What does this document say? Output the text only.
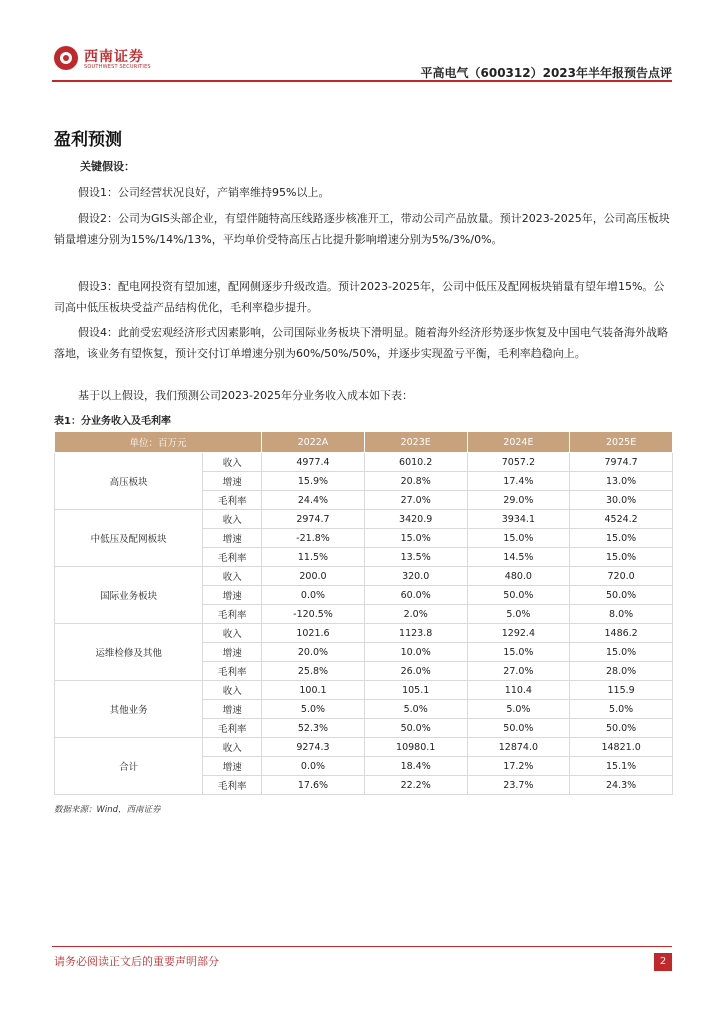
西南证券
SOUTHWEST SECURITIES	平高电气（600312）2023年半年报预告点评
盈利预测
关键假设：
假设1：公司经营状况良好，产销率维持95%以上。
假设2：公司为GIS头部企业，有望伴随特高压线路逐步核准开工，带动公司产品放量。预计2023-2025年，公司高压板块销量增速分别为15%/14%/13%，平均单价受特高压占比提升影响增速分别为5%/3%/0%。
假设3：配电网投资有望加速，配网侧逐步升级改造。预计2023-2025年，公司中低压及配网板块销量有望年增15%。公司高中低压板块受益产品结构优化，毛利率稳步提升。
假设4：此前受宏观经济形式因素影响，公司国际业务板块下滑明显。随着海外经济形势逐步恢复及中国电气装备海外战略落地，该业务有望恢复，预计交付订单增速分别为60%/50%/50%，并逐步实现盈亏平衡，毛利率趋稳向上。
基于以上假设，我们预测公司2023-2025年分业务收入成本如下表：
表1：分业务收入及毛利率
单位：百万元		2022A	2023E	2024E	2025E
高压板块	收入	4977.4	6010.2	7057.2	7974.7
	增速	15.9%	20.8%	17.4%	13.0%
	毛利率	24.4%	27.0%	29.0%	30.0%
中低压及配网板块	收入	2974.7	3420.9	3934.1	4524.2
	增速	-21.8%	15.0%	15.0%	15.0%
	毛利率	11.5%	13.5%	14.5%	15.0%
国际业务板块	收入	200.0	320.0	480.0	720.0
	增速	0.0%	60.0%	50.0%	50.0%
	毛利率	-120.5%	2.0%	5.0%	8.0%
运维检修及其他	收入	1021.6	1123.8	1292.4	1486.2
	增速	20.0%	10.0%	15.0%	15.0%
	毛利率	25.8%	26.0%	27.0%	28.0%
其他业务	收入	100.1	105.1	110.4	115.9
	增速	5.0%	5.0%	5.0%	5.0%
	毛利率	52.3%	50.0%	50.0%	50.0%
合计	收入	9274.3	10980.1	12874.0	14821.0
	增速	0.0%	18.4%	17.2%	15.1%
	毛利率	17.6%	22.2%	23.7%	24.3%
数据来源：Wind，西南证券
请务必阅读正文后的重要声明部分	2
